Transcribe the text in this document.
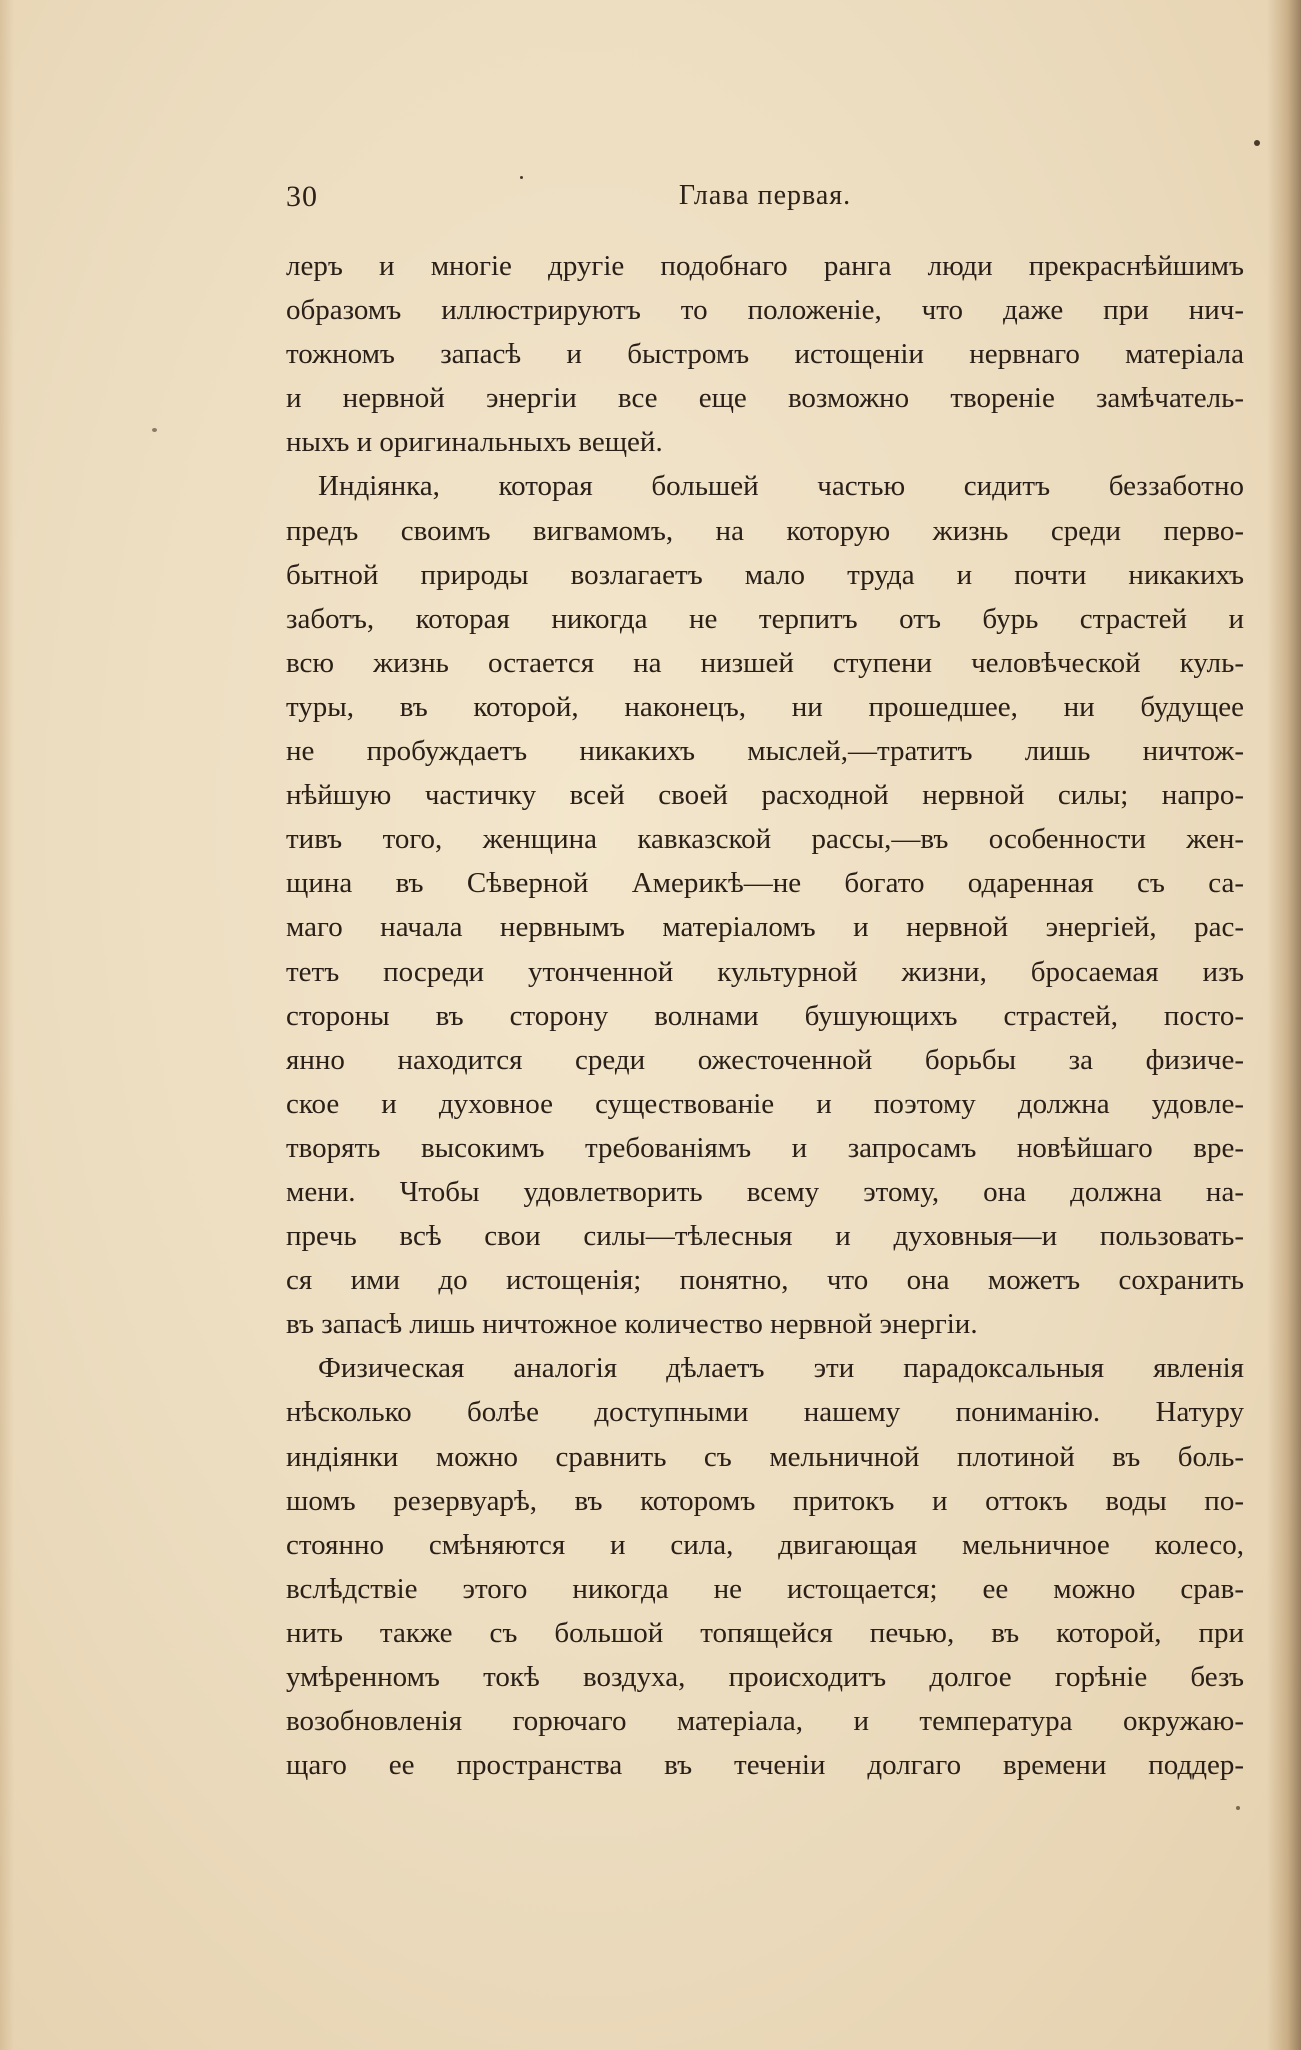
30	Глава первая.
леръ и многіе другіе подобнаго ранга люди прекраснѣйшимъ
образомъ иллюстрируютъ то положеніе, что даже при нич-
тожномъ запасѣ и быстромъ истощеніи нервнаго матеріала
и нервной энергіи все еще возможно твореніе замѣчатель-
ныхъ и оригинальныхъ вещей.
Индіянка, которая большей частью сидитъ беззаботно
предъ своимъ вигвамомъ, на которую жизнь среди перво-
бытной природы возлагаетъ мало труда и почти никакихъ
заботъ, которая никогда не терпитъ отъ бурь страстей и
всю жизнь остается на низшей ступени человѣческой куль-
туры, въ которой, наконецъ, ни прошедшее, ни будущее
не пробуждаетъ никакихъ мыслей,—тратитъ лишь ничтож-
нѣйшую частичку всей своей расходной нервной силы; напро-
тивъ того, женщина кавказской рассы,—въ особенности жен-
щина въ Сѣверной Америкѣ—не богато одаренная съ са-
маго начала нервнымъ матеріаломъ и нервной энергіей, рас-
тетъ посреди утонченной культурной жизни, бросаемая изъ
стороны въ сторону волнами бушующихъ страстей, посто-
янно находится среди ожесточенной борьбы за физиче-
ское и духовное существованіе и поэтому должна удовле-
творять высокимъ требованіямъ и запросамъ новѣйшаго вре-
мени. Чтобы удовлетворить всему этому, она должна на-
прeчь всѣ свои силы—тѣлесныя и духовныя—и пользовать-
ся ими до истощенія; понятно, что она можетъ сохранить
въ запасѣ лишь ничтожное количество нервной энергіи.
Физическая аналогія дѣлаетъ эти парадоксальныя явленія
нѣсколько болѣе доступными нашему пониманію. Натуру
индіянки можно сравнить съ мельничной плотиной въ боль-
шомъ резервуарѣ, въ которомъ притокъ и оттокъ воды по-
стоянно смѣняются и сила, двигающая мельничное колесо,
вслѣдствіе этого никогда не истощается; ее можно срав-
нить также съ большой топящейся печью, въ которой, при
умѣренномъ токѣ воздуха, происходитъ долгое горѣніе безъ
возобновленія горючаго матеріала, и температура окружаю-
щаго ее пространства въ теченіи долгаго времени поддер-
